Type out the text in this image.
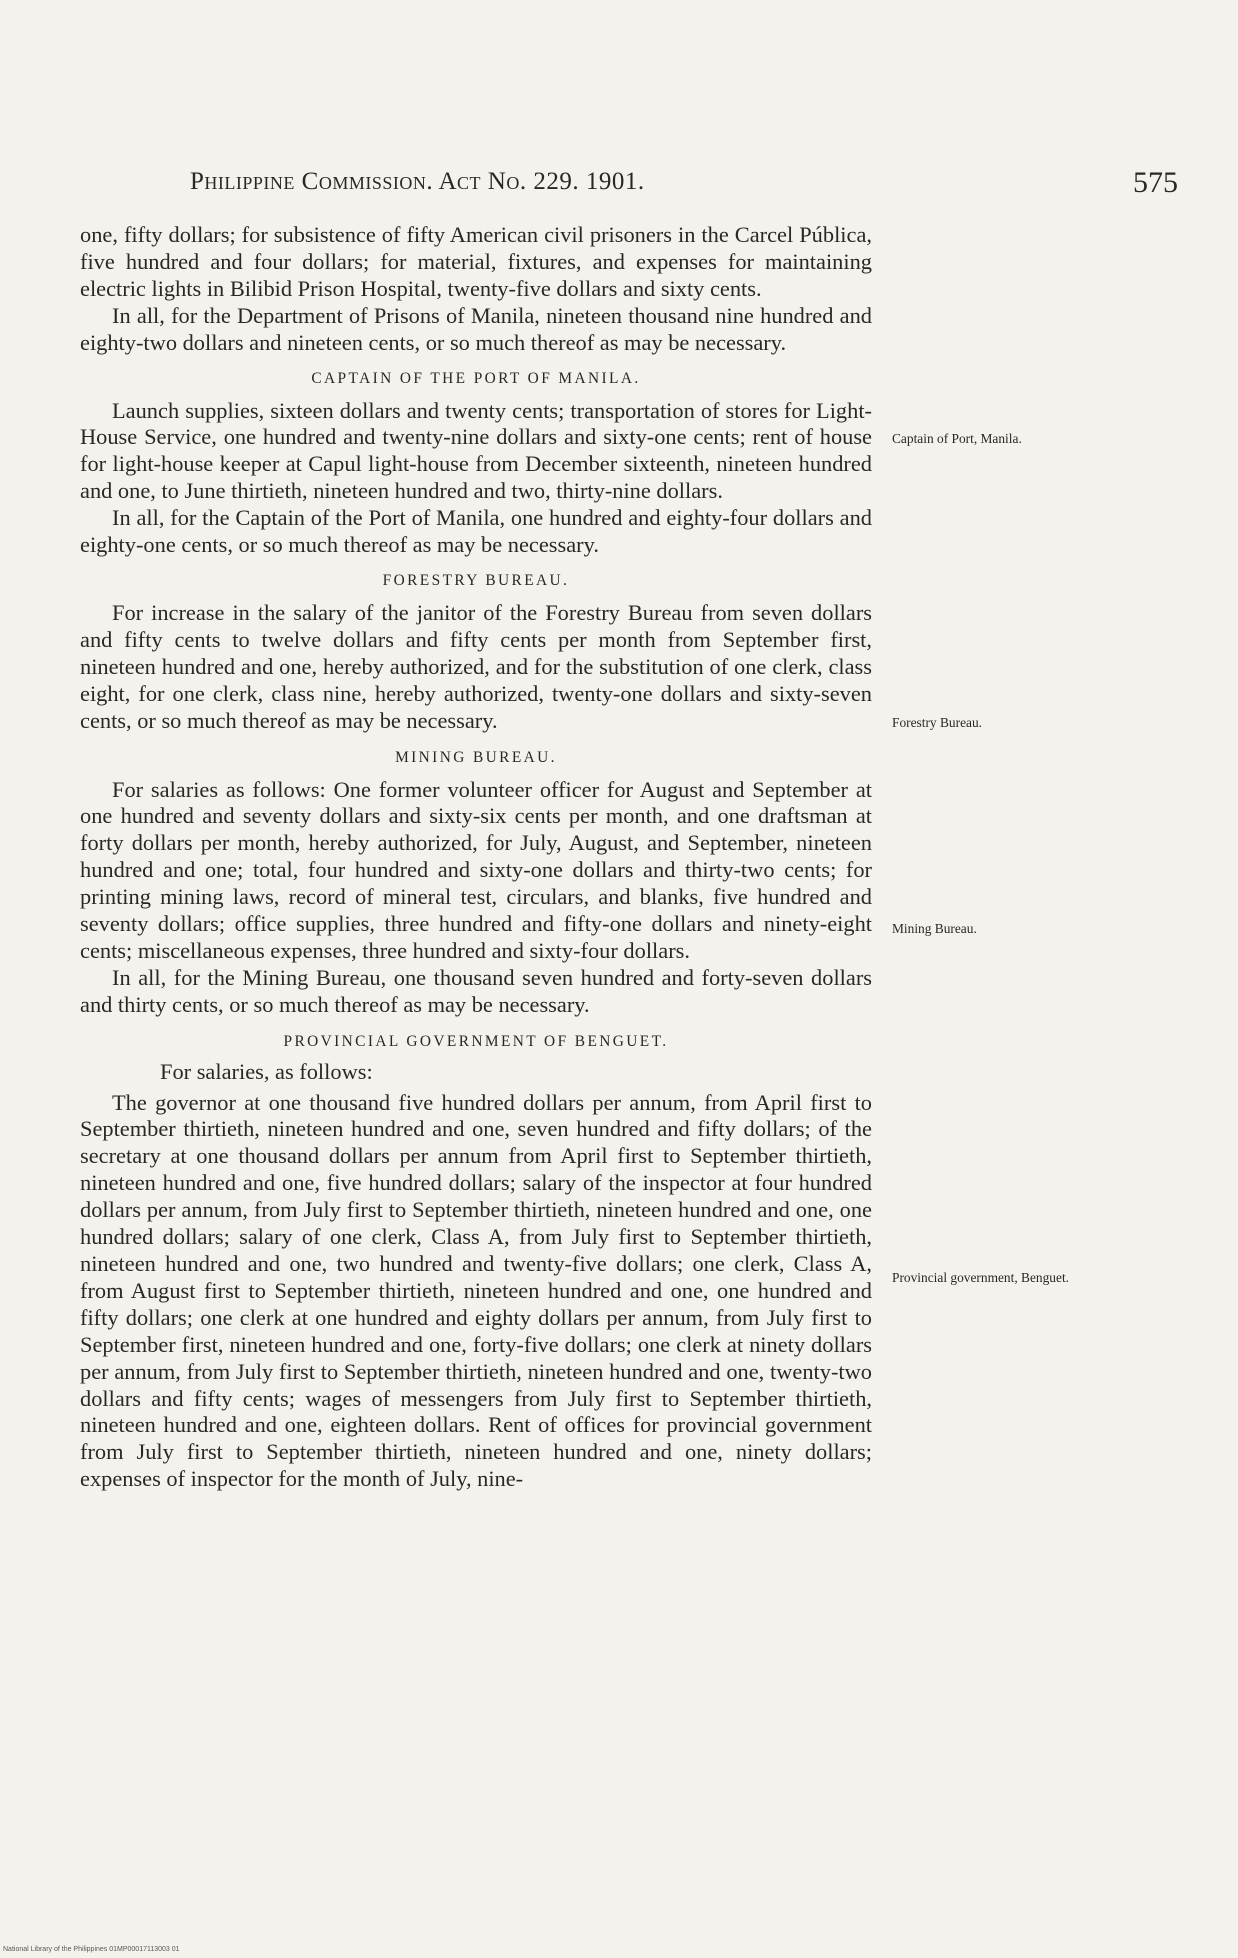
Philippine Commission. Act No. 229. 1901.	575

one, fifty dollars; for subsistence of fifty American civil prisoners in the Carcel Pública, five hundred and four dollars; for material, fixtures, and expenses for maintaining electric lights in Bilibid Prison Hospital, twenty-five dollars and sixty cents.

In all, for the Department of Prisons of Manila, nineteen thousand nine hundred and eighty-two dollars and nineteen cents, or so much thereof as may be necessary.

CAPTAIN OF THE PORT OF MANILA.

Launch supplies, sixteen dollars and twenty cents; transportation of stores for Light-House Service, one hundred and twenty-nine dollars and sixty-one cents; rent of house for light-house keeper at Capul light-house from December sixteenth, nineteen hundred and one, to June thirtieth, nineteen hundred and two, thirty-nine dollars.

In all, for the Captain of the Port of Manila, one hundred and eighty-four dollars and eighty-one cents, or so much thereof as may be necessary.

FORESTRY BUREAU.

For increase in the salary of the janitor of the Forestry Bureau from seven dollars and fifty cents to twelve dollars and fifty cents per month from September first, nineteen hundred and one, hereby authorized, and for the substitution of one clerk, class eight, for one clerk, class nine, hereby authorized, twenty-one dollars and sixty-seven cents, or so much thereof as may be necessary.

MINING BUREAU.

For salaries as follows: One former volunteer officer for August and September at one hundred and seventy dollars and sixty-six cents per month, and one draftsman at forty dollars per month, hereby authorized, for July, August, and September, nineteen hundred and one; total, four hundred and sixty-one dollars and thirty-two cents; for printing mining laws, record of mineral test, circulars, and blanks, five hundred and seventy dollars; office supplies, three hundred and fifty-one dollars and ninety-eight cents; miscellaneous expenses, three hundred and sixty-four dollars.

In all, for the Mining Bureau, one thousand seven hundred and forty-seven dollars and thirty cents, or so much thereof as may be necessary.

PROVINCIAL GOVERNMENT OF BENGUET.

For salaries, as follows:

The governor at one thousand five hundred dollars per annum, from April first to September thirtieth, nineteen hundred and one, seven hundred and fifty dollars; of the secretary at one thousand dollars per annum from April first to September thirtieth, nineteen hundred and one, five hundred dollars; salary of the inspector at four hundred dollars per annum, from July first to September thirtieth, nineteen hundred and one, one hundred dollars; salary of one clerk, Class A, from July first to September thirtieth, nineteen hundred and one, two hundred and twenty-five dollars; one clerk, Class A, from August first to September thirtieth, nineteen hundred and one, one hundred and fifty dollars; one clerk at one hundred and eighty dollars per annum, from July first to September first, nineteen hundred and one, forty-five dollars; one clerk at ninety dollars per annum, from July first to September thirtieth, nineteen hundred and one, twenty-two dollars and fifty cents; wages of messengers from July first to September thirtieth, nineteen hundred and one, eighteen dollars. Rent of offices for provincial government from July first to September thirtieth, nineteen hundred and one, ninety dollars; expenses of inspector for the month of July, nine-

Captain of Port, Manila.
Forestry Bureau.
Mining Bureau.
Provincial government, Benguet.
National Library of the Philippines 01MP00017113003 01
